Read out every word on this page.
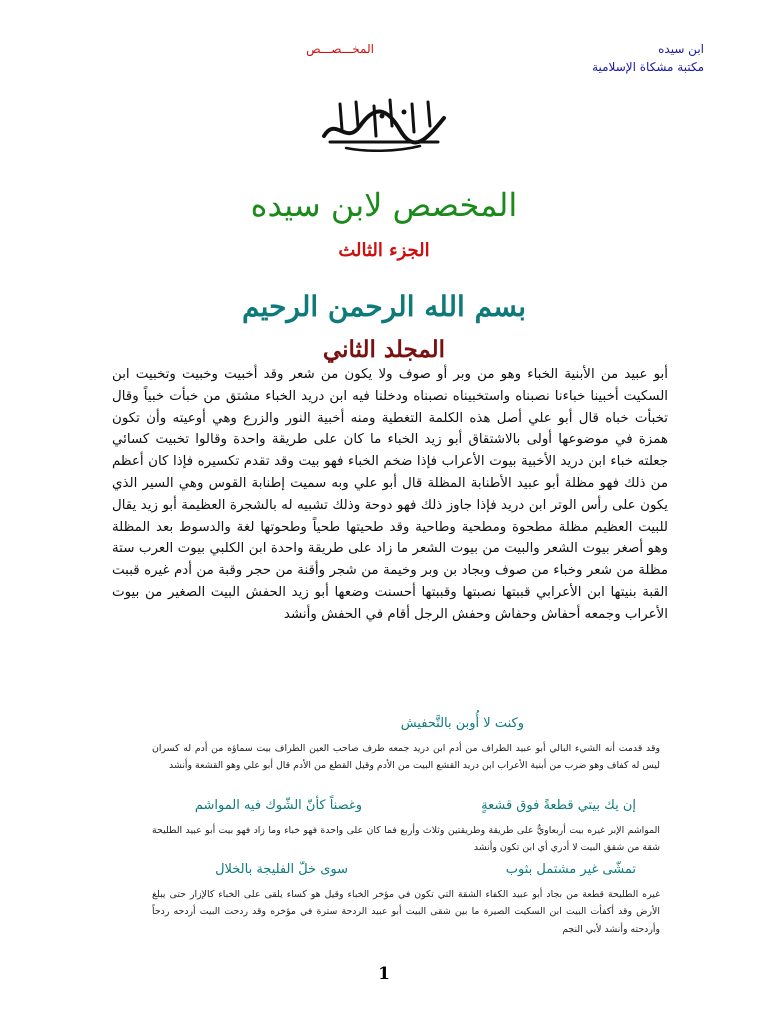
ابن سيده
مكتبة مشكاة الإسلامية
المخـــصـــص
المخصص لابن سيده
الجزء الثالث
بسم الله الرحمن الرحيم
المجلد الثاني
أبو عبيد من الأبنية الخباء وهو من وبر أو صوف ولا يكون من شعر وقد أخبيت وخبيت وتخبيت ابن السكيت أخبينا خباءنا نصبناه واستخبيناه نصبناه ودخلنا فيه ابن دريد الخباء مشتق من خبأت خبياً وقال تخبأت خباه قال أبو علي أصل هذه الكلمة التغطية ومنه أخبية النور والزرع وهي أوعيته وأن تكون همزة في موضوعها أولى بالاشتقاق أبو زيد الخباء ما كان على طريقة واحدة وقالوا تخبيت كسائي جعلته خباء ابن دريد الأخبية بيوت الأعراب فإذا ضخم الخباء فهو بيت وقد تقدم تكسيره فإذا كان أعظم من ذلك فهو مظلة أبو عبيد الأطنابة المظلة قال أبو علي وبه سميت إطنابة القوس وهي السير الذي يكون على رأس الوتر ابن دريد فإذا جاوز ذلك فهو دوحة وذلك تشبيه له بالشجرة العظيمة أبو زيد يقال للبيت العظيم مظلة مطحوة ومطحية وطاحية وقد طحيتها طحياً وطحوتها لغة والدسوط بعد المظلة وهو أصغر بيوت الشعر والبيت من بيوت الشعر ما زاد على طريقة واحدة ابن الكلبي بيوت العرب ستة مظلة من شعر وخباء من صوف وبجاد بن وبر وخيمة من شجر وأقنة من حجر وقبة من أدم غيره قببت القبة بنيتها ابن الأعرابي قببتها نصبتها وقببتها أحسنت وضعها أبو زيد الحفش البيت الصغير من بيوت الأعراب وجمعه أحفاش وحفاش وحفش الرجل أقام في الحفش وأنشد
وكنت لا أُوبن بالتَّحفيش
وقد قدمت أنه الشيء البالي أبو عبيد الطراف من أدم ابن دريد جمعه طرف صاحب العين الطراف بيت سماؤه من أدم له كسران ليس له كفاف وهو ضرب من أبنية الأعراب ابن دريد القشع البيت من الأدم وقيل القطع من الأدم قال أبو علي وهو القشعة وأنشد
إن يك بيتي قطعةً فوق قشعةٍ
وغصناً كأنّ الشّوك فيه المواشم
المواشم الإبر غيره بيت أربعاويٌّ على طريقة وطريقتين وثلاث وأربع فما كان على واحدة فهو خباء وما زاد فهو بيت أبو عبيد الطليحة شقة من شقق البيت لا أدري أي ابن تكون وأنشد
تمشّى غير مشتمل بثوب
سوى خلّ الفليجة بالخلال
غيره الطليحة قطعة من بجاد أبو عبيد الكفاء الشقة التي تكون في مؤخر الخباء وقيل هو كساء يلقى على الخباء كالإزار حتى يبلغ الأرض وقد أكفأت البيت ابن السكيت الصيرة ما بين شقى البيت أبو عبيد الردحة سترة في مؤخره وقد ردحت البيت أردحه ردحاً وأردحته وأنشد لأبي النجم
1
